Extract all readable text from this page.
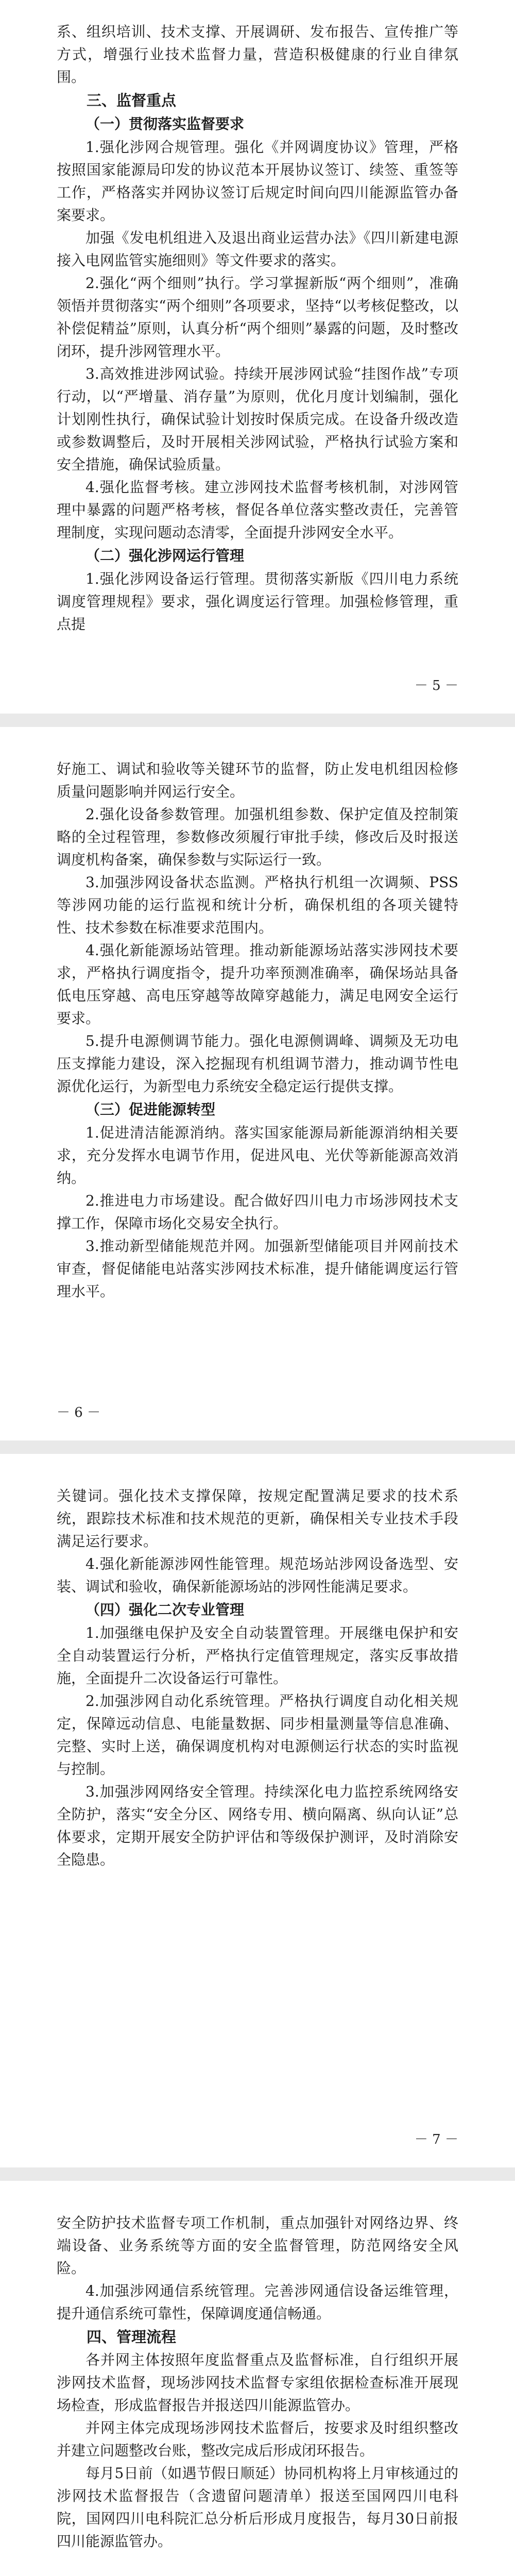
系、组织培训、技术支撑、开展调研、发布报告、宣传推广等方式，增强行业技术监督力量，营造积极健康的行业自律氛围。

三、监督重点
（一）贯彻落实监督要求

1.强化涉网合规管理。强化《并网调度协议》管理，严格按照国家能源局印发的协议范本开展协议签订、续签、重签等工作，严格落实并网协议签订后规定时间向四川能源监管办备案要求。

加强《发电机组进入及退出商业运营办法》《四川新建电源接入电网监管实施细则》等文件要求的落实。

2.强化“两个细则”执行。学习掌握新版“两个细则”，准确领悟并贯彻落实“两个细则”各项要求，坚持“以考核促整改，以补偿促精益”原则，认真分析“两个细则”暴露的问题，及时整改闭环，提升涉网管理水平。

3.高效推进涉网试验。持续开展涉网试验“挂图作战”专项行动，以“严增量、消存量”为原则，优化月度计划编制，强化计划刚性执行，确保试验计划按时保质完成。在设备升级改造或参数调整后，及时开展相关涉网试验，严格执行试验方案和安全措施，确保试验质量。

4.强化监督考核。建立涉网技术监督考核机制，对涉网管理中暴露的问题严格考核，督促各单位落实整改责任，完善管理制度，实现问题动态清零，全面提升涉网安全水平。

（二）强化涉网运行管理

1.强化涉网设备运行管理。贯彻落实新版《四川电力系统调度管理规程》要求，强化调度运行管理。加强检修管理，重点提

－ 5 －

好施工、调试和验收等关键环节的监督，防止发电机组因检修质量问题影响并网运行安全。

2.强化设备参数管理。加强机组参数、保护定值及控制策略的全过程管理，参数修改须履行审批手续，修改后及时报送调度机构备案，确保参数与实际运行一致。

3.加强涉网设备状态监测。严格执行机组一次调频、PSS等涉网功能的运行监视和统计分析，确保机组的各项关键特性、技术参数在标准要求范围内。

4.强化新能源场站管理。推动新能源场站落实涉网技术要求，严格执行调度指令，提升功率预测准确率，确保场站具备低电压穿越、高电压穿越等故障穿越能力，满足电网安全运行要求。

5.提升电源侧调节能力。强化电源侧调峰、调频及无功电压支撑能力建设，深入挖掘现有机组调节潜力，推动调节性电源优化运行，为新型电力系统安全稳定运行提供支撑。

（三）促进能源转型

1.促进清洁能源消纳。落实国家能源局新能源消纳相关要求，充分发挥水电调节作用，促进风电、光伏等新能源高效消纳。

2.推进电力市场建设。配合做好四川电力市场涉网技术支撑工作，保障市场化交易安全执行。

3.推动新型储能规范并网。加强新型储能项目并网前技术审查，督促储能电站落实涉网技术标准，提升储能调度运行管理水平。

－ 6 －

关键词。强化技术支撑保障，按规定配置满足要求的技术系统，跟踪技术标准和技术规范的更新，确保相关专业技术手段满足运行要求。

4.强化新能源涉网性能管理。规范场站涉网设备选型、安装、调试和验收，确保新能源场站的涉网性能满足要求。

（四）强化二次专业管理

1.加强继电保护及安全自动装置管理。开展继电保护和安全自动装置运行分析，严格执行定值管理规定，落实反事故措施，全面提升二次设备运行可靠性。

2.加强涉网自动化系统管理。严格执行调度自动化相关规定，保障远动信息、电能量数据、同步相量测量等信息准确、完整、实时上送，确保调度机构对电源侧运行状态的实时监视与控制。

3.加强涉网网络安全管理。持续深化电力监控系统网络安全防护，落实“安全分区、网络专用、横向隔离、纵向认证”总体要求，定期开展安全防护评估和等级保护测评，及时消除安全隐患。

－ 7 －

安全防护技术监督专项工作机制，重点加强针对网络边界、终端设备、业务系统等方面的安全监督管理，防范网络安全风险。

4.加强涉网通信系统管理。完善涉网通信设备运维管理，提升通信系统可靠性，保障调度通信畅通。

四、管理流程

各并网主体按照年度监督重点及监督标准，自行组织开展涉网技术监督，现场涉网技术监督专家组依据检查标准开展现场检查，形成监督报告并报送四川能源监管办。

并网主体完成现场涉网技术监督后，按要求及时组织整改并建立问题整改台账，整改完成后形成闭环报告。

每月5日前（如遇节假日顺延）协同机构将上月审核通过的涉网技术监督报告（含遗留问题清单）报送至国网四川电科院，国网四川电科院汇总分析后形成月度报告，每月30日前报四川能源监管办。
